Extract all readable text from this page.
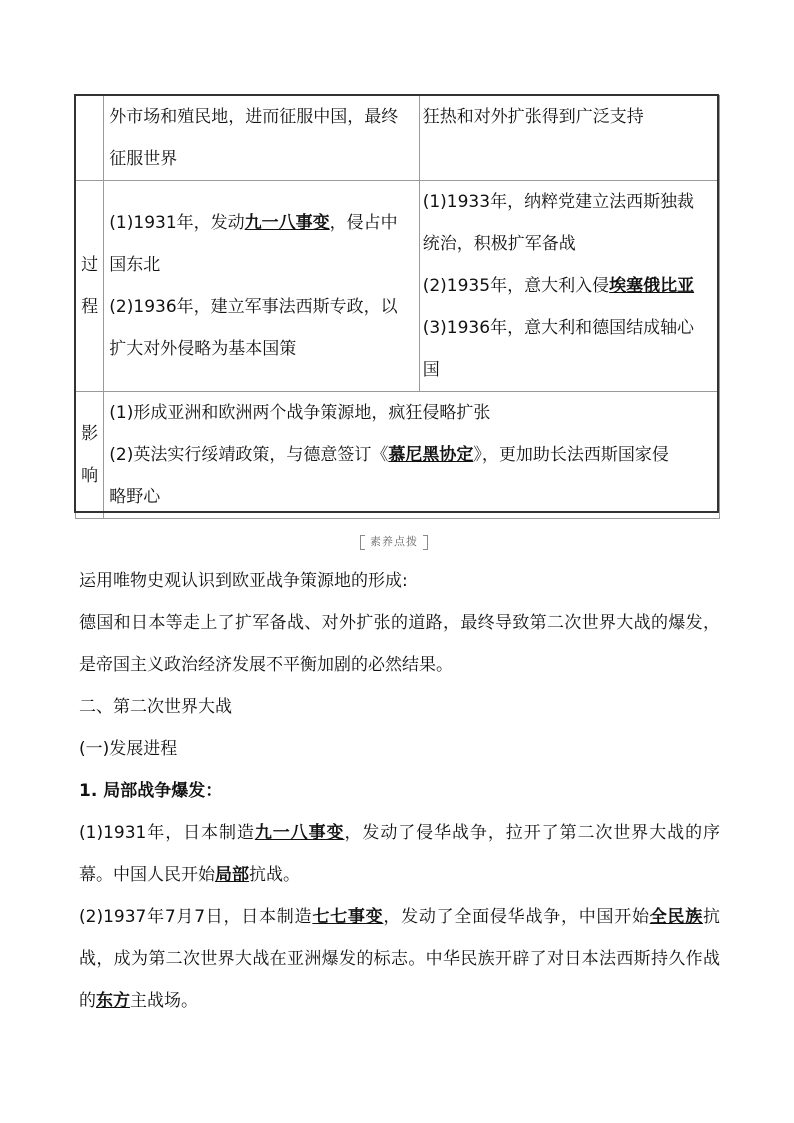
	外市场和殖民地，进而征服中国，最终
征服世界	狂热和对外扩张得到广泛支持

过
程	(1)1931年，发动九一八事变，侵占中
国东北
(2)1936年，建立军事法西斯专政，以
扩大对外侵略为基本国策	(1)1933年，纳粹党建立法西斯独裁
统治，积极扩军备战
(2)1935年，意大利入侵埃塞俄比亚
(3)1936年，意大利和德国结成轴心
国

影
响	(1)形成亚洲和欧洲两个战争策源地，疯狂侵略扩张
(2)英法实行绥靖政策，与德意签订《慕尼黑协定》，更加助长法西斯国家侵
略野心	
素养点拨

运用唯物史观认识到欧亚战争策源地的形成:

德国和日本等走上了扩军备战、对外扩张的道路，最终导致第二次世界大战的爆发，是帝国主义政治经济发展不平衡加剧的必然结果。

二、第二次世界大战

(一)发展进程

1. 局部战争爆发：

(1)1931年，日本制造九一八事变，发动了侵华战争，拉开了第二次世界大战的序幕。中国人民开始局部抗战。

(2)1937年7月7日，日本制造七七事变，发动了全面侵华战争，中国开始全民族抗战，成为第二次世界大战在亚洲爆发的标志。中华民族开辟了对日本法西斯持久作战的东方主战场。
